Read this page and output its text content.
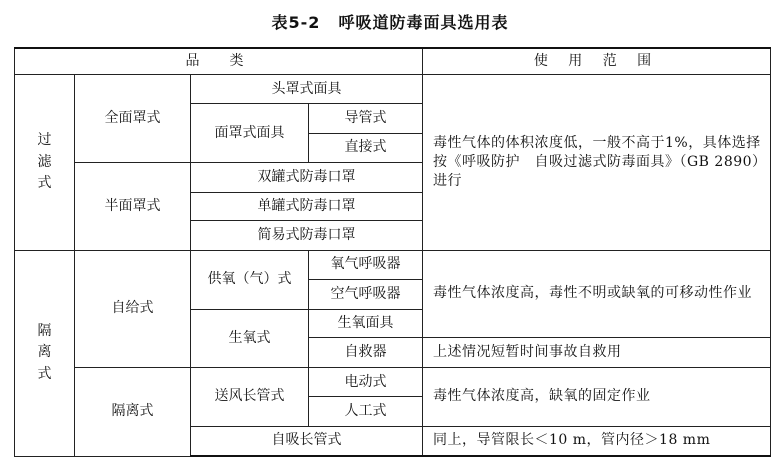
表5-2 呼吸道防毒面具选用表
品　类				使 用 范 围

过
滤
式	全面罩式	头罩式面具		毒性气体的体积浓度低，一般不高于1%，具体选择按《呼吸防护　自吸过滤式防毒面具》（GB 2890）进行
		面罩式面具	导管式	
			直接式	
	半面罩式	双罐式防毒口罩		
		单罐式防毒口罩		
		简易式防毒口罩		

隔
离
式	自给式	供氧（气）式	氧气呼吸器	毒性气体浓度高，毒性不明或缺氧的可移动性作业
			空气呼吸器	
		生氧式	生氧面具	
			自救器	上述情况短暂时间事故自救用
	隔离式	送风长管式	电动式	毒性气体浓度高，缺氧的固定作业
			人工式	
		自吸长管式		同上，导管限长＜10 m，管内径＞18 mm
